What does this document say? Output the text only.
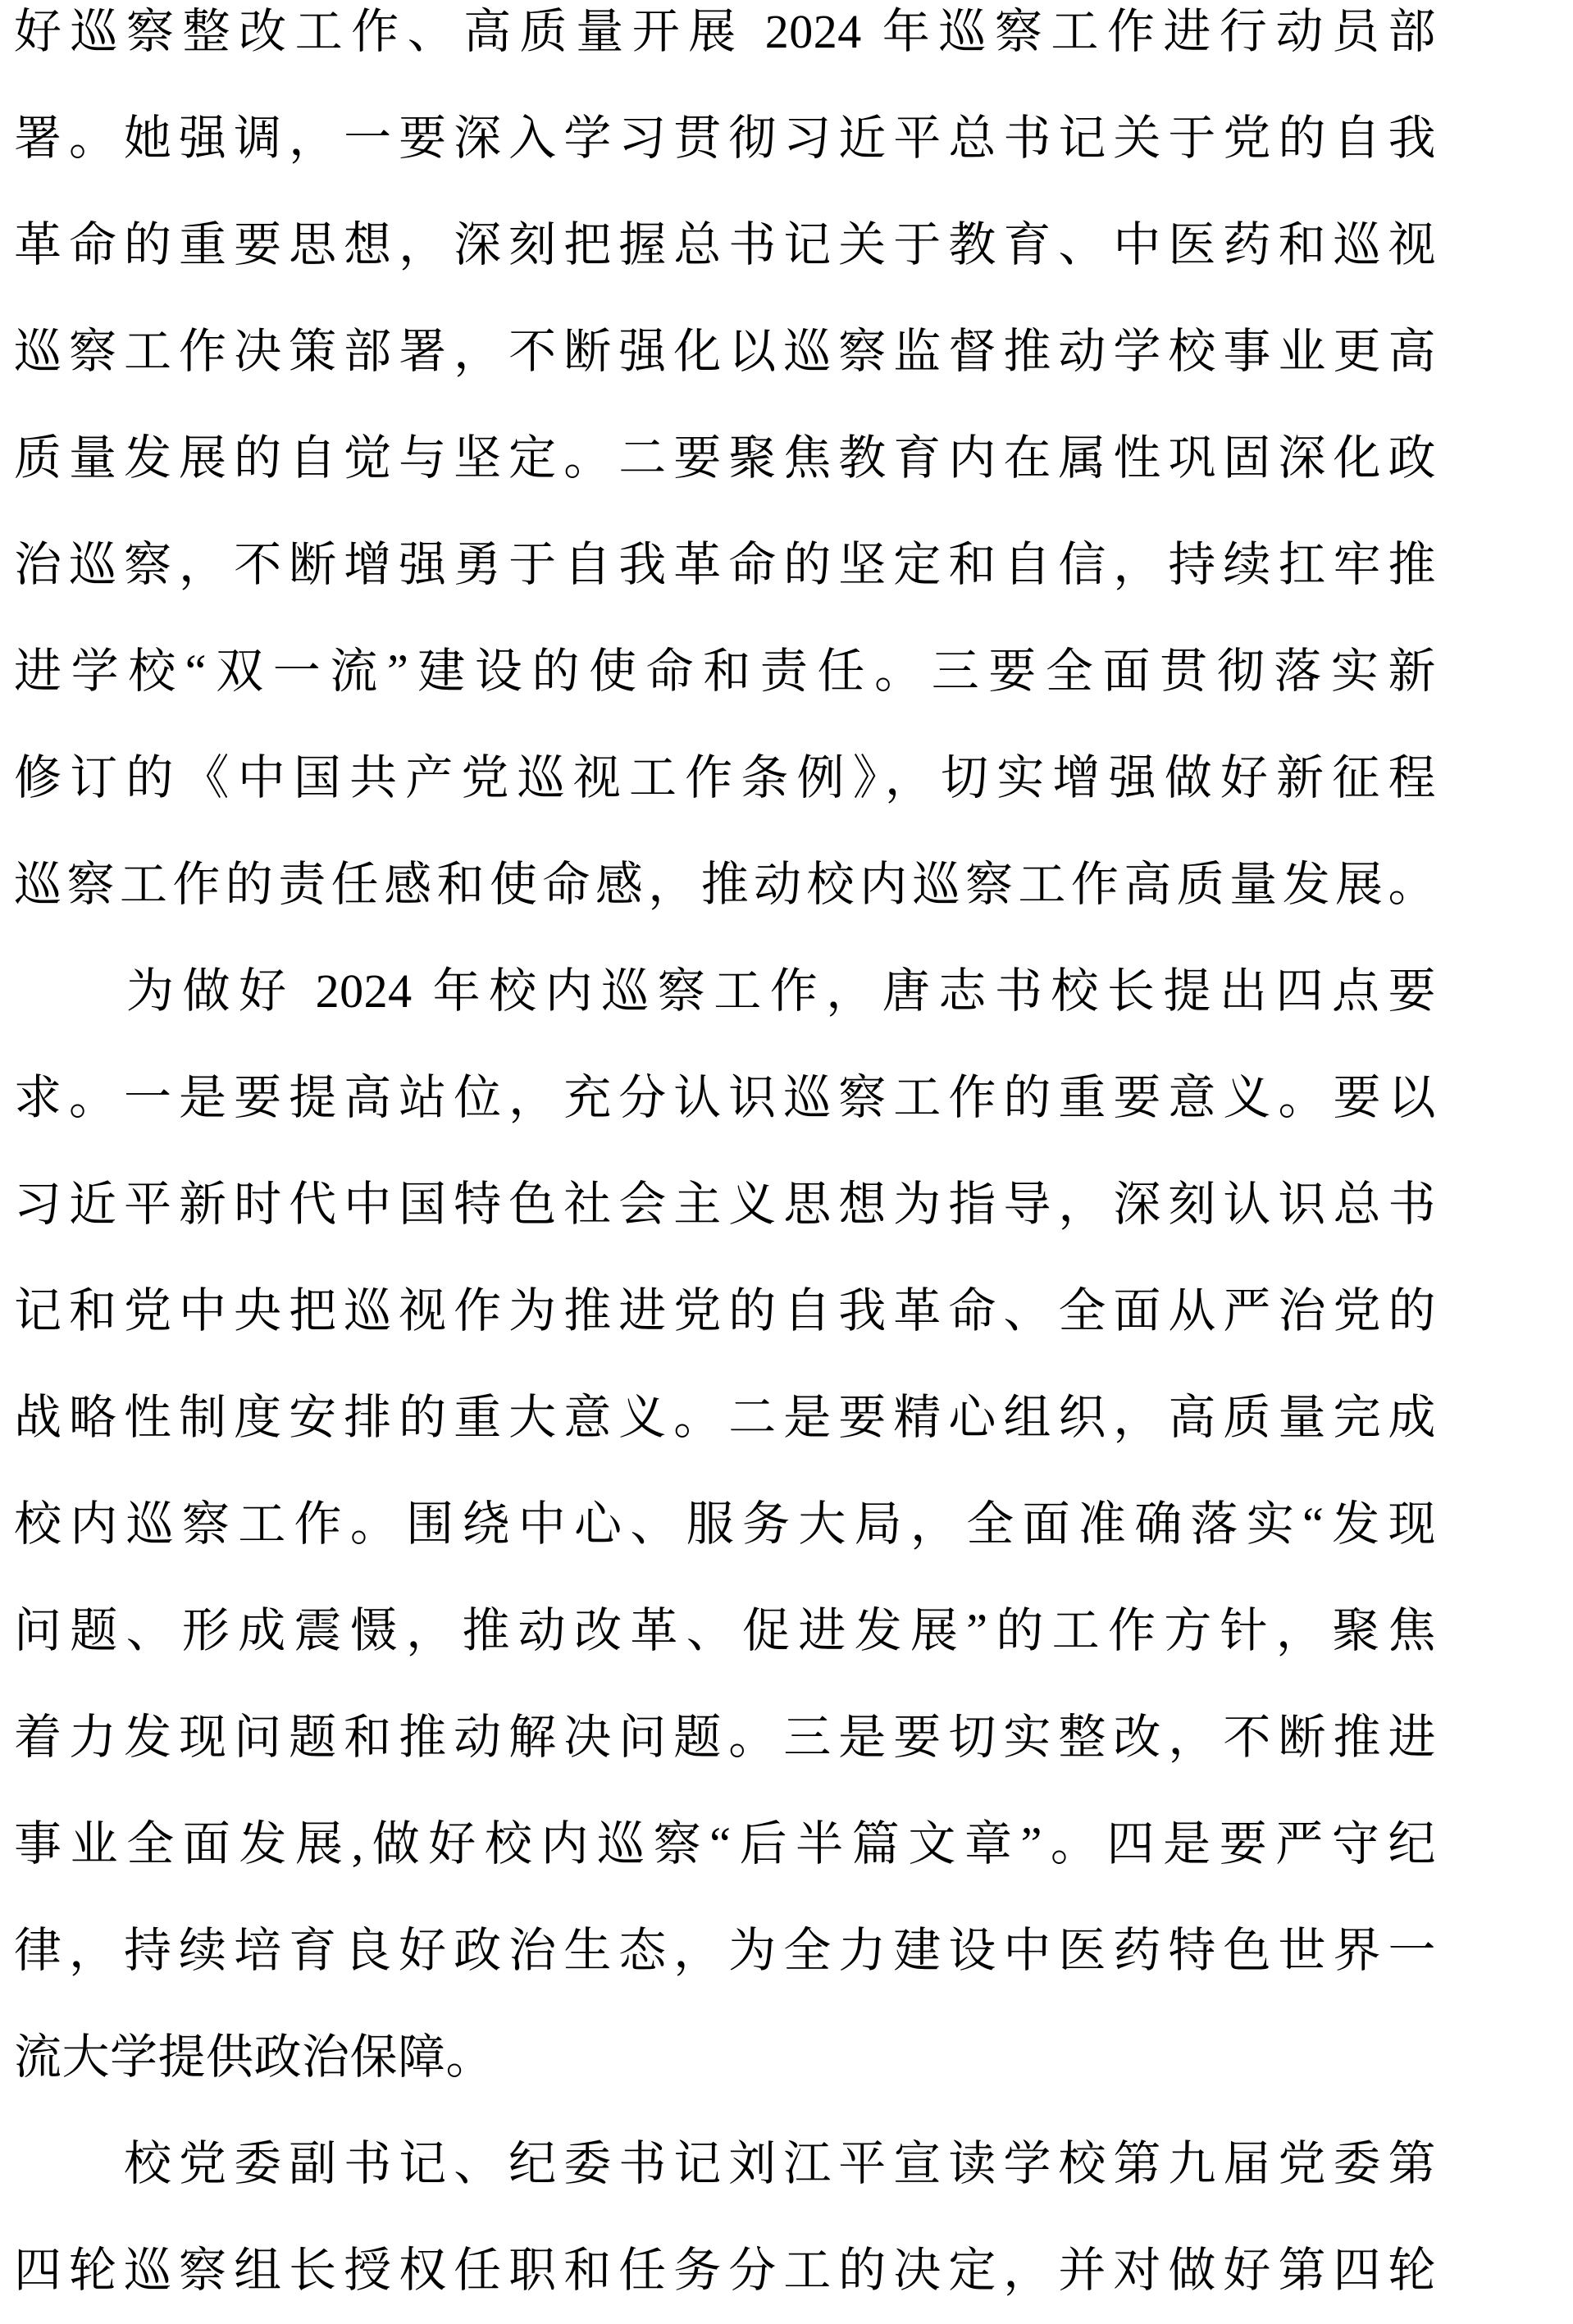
好巡察整改工作、高质量开展 2024 年巡察工作进行动员部
署。她强调，一要深入学习贯彻习近平总书记关于党的自我
革命的重要思想，深刻把握总书记关于教育、中医药和巡视
巡察工作决策部署，不断强化以巡察监督推动学校事业更高
质量发展的自觉与坚定。二要聚焦教育内在属性巩固深化政
治巡察，不断增强勇于自我革命的坚定和自信，持续扛牢推
进学校“双一流”建设的使命和责任。三要全面贯彻落实新
修订的《中国共产党巡视工作条例》，切实增强做好新征程
巡察工作的责任感和使命感，推动校内巡察工作高质量发展。
　　为做好 2024 年校内巡察工作，唐志书校长提出四点要
求。一是要提高站位，充分认识巡察工作的重要意义。要以
习近平新时代中国特色社会主义思想为指导，深刻认识总书
记和党中央把巡视作为推进党的自我革命、全面从严治党的
战略性制度安排的重大意义。二是要精心组织，高质量完成
校内巡察工作。围绕中心、服务大局，全面准确落实“发现
问题、形成震慑，推动改革、促进发展”的工作方针，聚焦
着力发现问题和推动解决问题。三是要切实整改，不断推进
事业全面发展,做好校内巡察“后半篇文章”。四是要严守纪
律，持续培育良好政治生态，为全力建设中医药特色世界一
流大学提供政治保障。
　　校党委副书记、纪委书记刘江平宣读学校第九届党委第
四轮巡察组长授权任职和任务分工的决定，并对做好第四轮
